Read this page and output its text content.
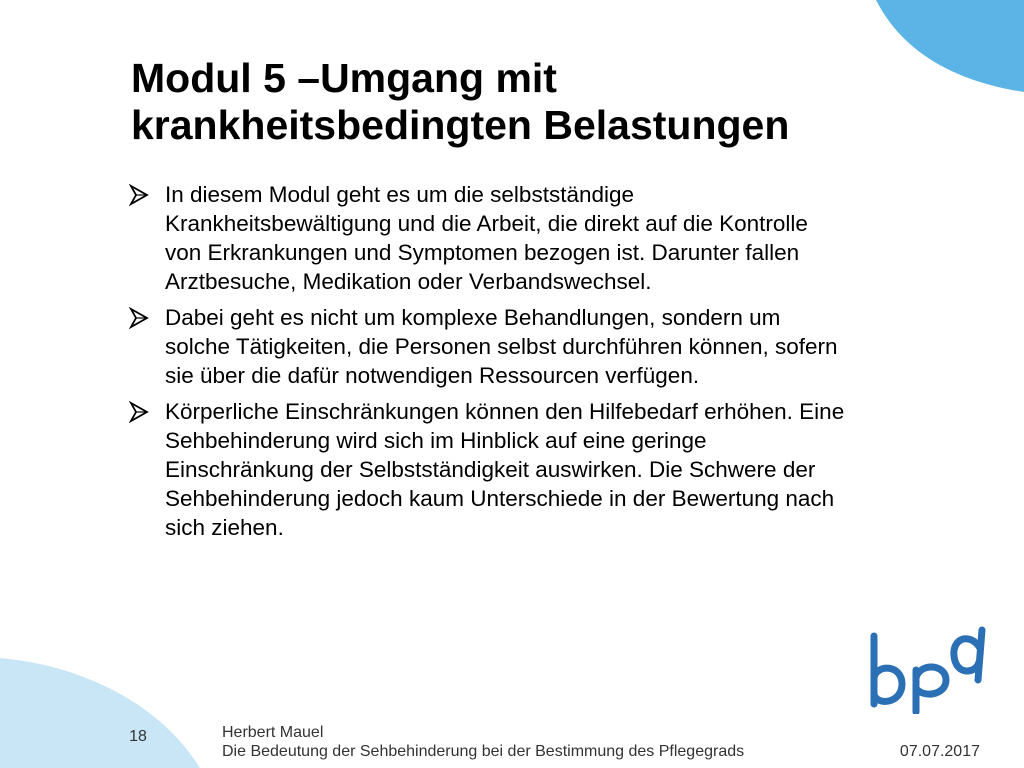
Modul 5 –Umgang mit
krankheitsbedingten Belastungen
In diesem Modul geht es um die selbstständige Krankheitsbewältigung und die Arbeit, die direkt auf die Kontrolle von Erkrankungen und Symptomen bezogen ist. Darunter fallen Arztbesuche, Medikation oder Verbandswechsel.
Dabei geht es nicht um komplexe Behandlungen, sondern um solche Tätigkeiten, die Personen selbst durchführen können, sofern sie über die dafür notwendigen Ressourcen verfügen.
Körperliche Einschränkungen können den Hilfebedarf erhöhen. Eine Sehbehinderung wird sich im Hinblick auf eine geringe Einschränkung der Selbstständigkeit auswirken. Die Schwere der Sehbehinderung jedoch kaum Unterschiede in der Bewertung nach sich ziehen.
18	Herbert Mauel
Die Bedeutung der Sehbehinderung bei der Bestimmung des Pflegegrads	07.07.2017
